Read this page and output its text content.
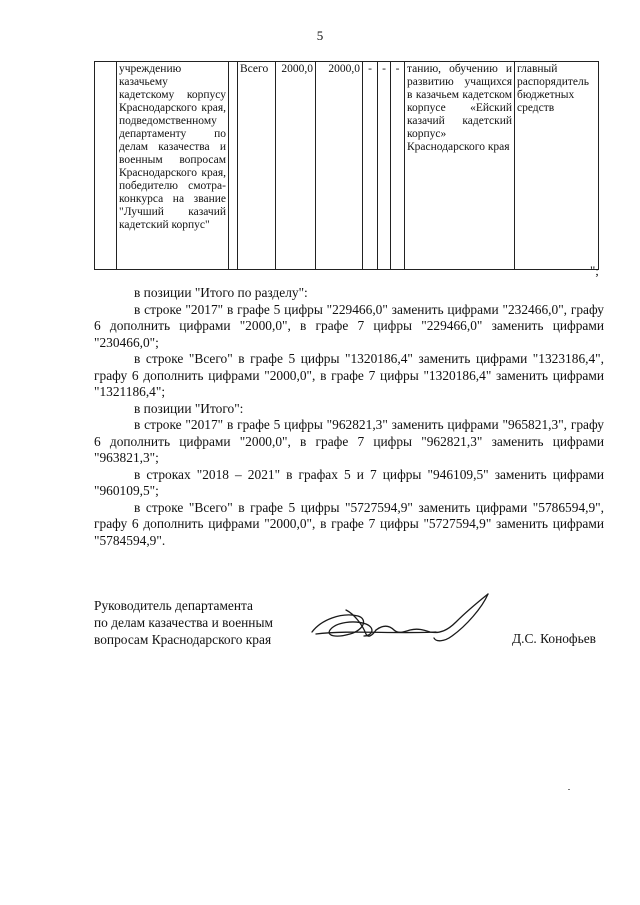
5
	учреждению казачьему кадетскому корпусу Краснодарского края, подведомственному департаменту по делам казачества и военным вопросам Краснодарского края, победителю смотра-конкурса на звание "Лучший казачий кадетский корпус"		Всего	2000,0	2000,0	-	-	-	танию, обучению и развитию учащихся в казачьем кадетском корпусе «Ейский казачий кадетский корпус» Краснодарского края	главный распорядитель бюджетных средств
";

в позиции "Итого по разделу":

в строке "2017" в графе 5 цифры "229466,0" заменить цифрами "232466,0", графу 6 дополнить цифрами "2000,0", в графе 7 цифры "229466,0" заменить цифрами "230466,0";

в строке "Всего" в графе 5 цифры "1320186,4" заменить цифрами "1323186,4", графу 6 дополнить цифрами "2000,0", в графе 7 цифры "1320186,4" заменить цифрами "1321186,4";

в позиции "Итого":

в строке "2017" в графе 5 цифры "962821,3" заменить цифрами "965821,3", графу 6 дополнить цифрами "2000,0", в графе 7 цифры "962821,3" заменить цифрами "963821,3";

в строках "2018 – 2021" в графах 5 и 7 цифры "946109,5" заменить цифрами "960109,5";

в строке "Всего" в графе 5 цифры "5727594,9" заменить цифрами "5786594,9", графу 6 дополнить цифрами "2000,0", в графе 7 цифры "5727594,9" заменить цифрами "5784594,9".

Руководитель департамента
по делам казачества и военным
вопросам Краснодарского края	Д.С. Конофьев
